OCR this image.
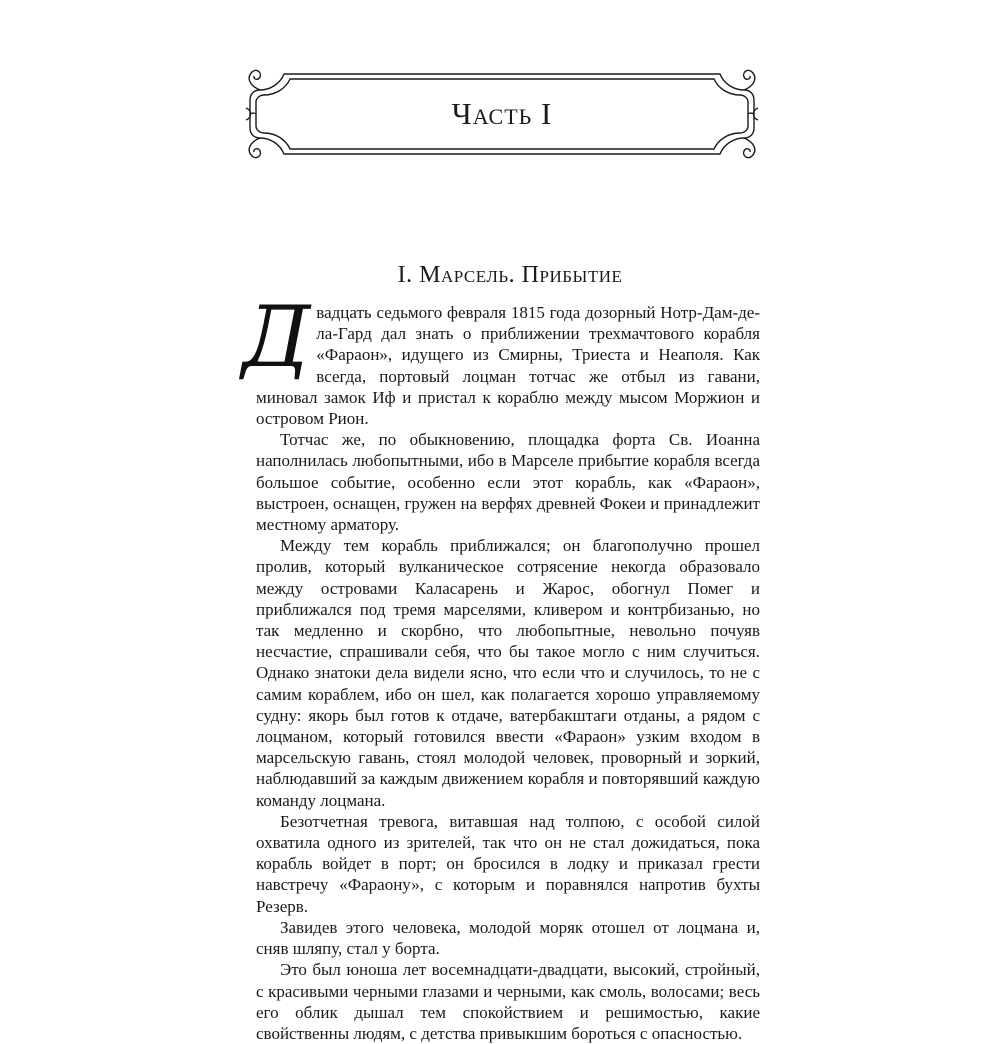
Часть I
I. Марсель. Прибытие

Двадцать седьмого февраля 1815 года дозорный Нотр-Дам-де-ла-Гард дал знать о приближении трехмачтового корабля «Фараон», идущего из Смирны, Триеста и Неаполя. Как всегда, портовый лоцман тотчас же отбыл из гавани, миновал замок Иф и пристал к кораблю между мысом Моржион и островом Рион.

Тотчас же, по обыкновению, площадка форта Св. Иоанна наполнилась любопытными, ибо в Марселе прибытие корабля всегда большое событие, особенно если этот корабль, как «Фараон», выстроен, оснащен, гружен на верфях древней Фокеи и принадлежит местному арматору.

Между тем корабль приближался; он благополучно прошел пролив, который вулканическое сотрясение некогда образовало между островами Каласарень и Жарос, обогнул Помег и приближался под тремя марселями, кливером и контрбизанью, но так медленно и скорбно, что любопытные, невольно почуяв несчастие, спрашивали себя, что бы такое могло с ним случиться. Однако знатоки дела видели ясно, что если что и случилось, то не с самим кораблем, ибо он шел, как полагается хорошо управляемому судну: якорь был готов к отдаче, ватербакштаги отданы, а рядом с лоцманом, который готовился ввести «Фараон» узким входом в марсельскую гавань, стоял молодой человек, проворный и зоркий, наблюдавший за каждым движением корабля и повторявший каждую команду лоцмана.

Безотчетная тревога, витавшая над толпою, с особой силой охватила одного из зрителей, так что он не стал дожидаться, пока корабль войдет в порт; он бросился в лодку и приказал грести навстречу «Фараону», с которым и поравнялся напротив бухты Резерв.

Завидев этого человека, молодой моряк отошел от лоцмана и, сняв шляпу, стал у борта.

Это был юноша лет восемнадцати-двадцати, высокий, стройный, с красивыми черными глазами и черными, как смоль, волосами; весь его облик дышал тем спокойствием и решимостью, какие свойственны людям, с детства привыкшим бороться с опасностью.
